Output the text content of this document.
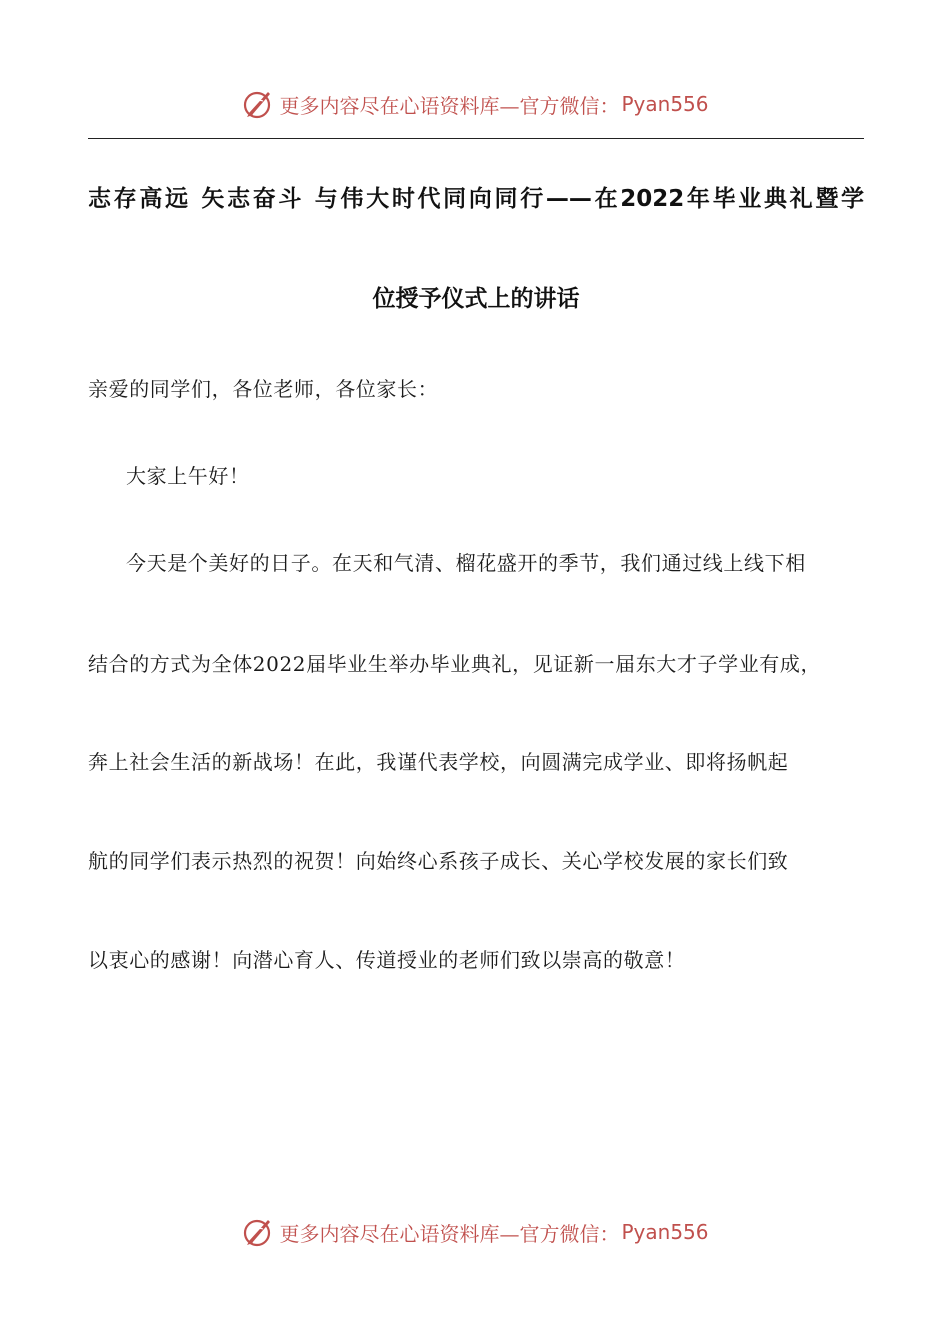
更多内容尽在心语资料库—官方微信： Pyan556
志存高远 矢志奋斗 与伟大时代同向同行——在2022年毕业典礼暨学
位授予仪式上的讲话
亲爱的同学们，各位老师，各位家长：
大家上午好！
今天是个美好的日子。在天和气清、榴花盛开的季节，我们通过线上线下相
结合的方式为全体2022届毕业生举办毕业典礼，见证新一届东大才子学业有成，
奔上社会生活的新战场！在此，我谨代表学校，向圆满完成学业、即将扬帆起
航的同学们表示热烈的祝贺！向始终心系孩子成长、关心学校发展的家长们致
以衷心的感谢！向潜心育人、传道授业的老师们致以崇高的敬意！
更多内容尽在心语资料库—官方微信： Pyan556
